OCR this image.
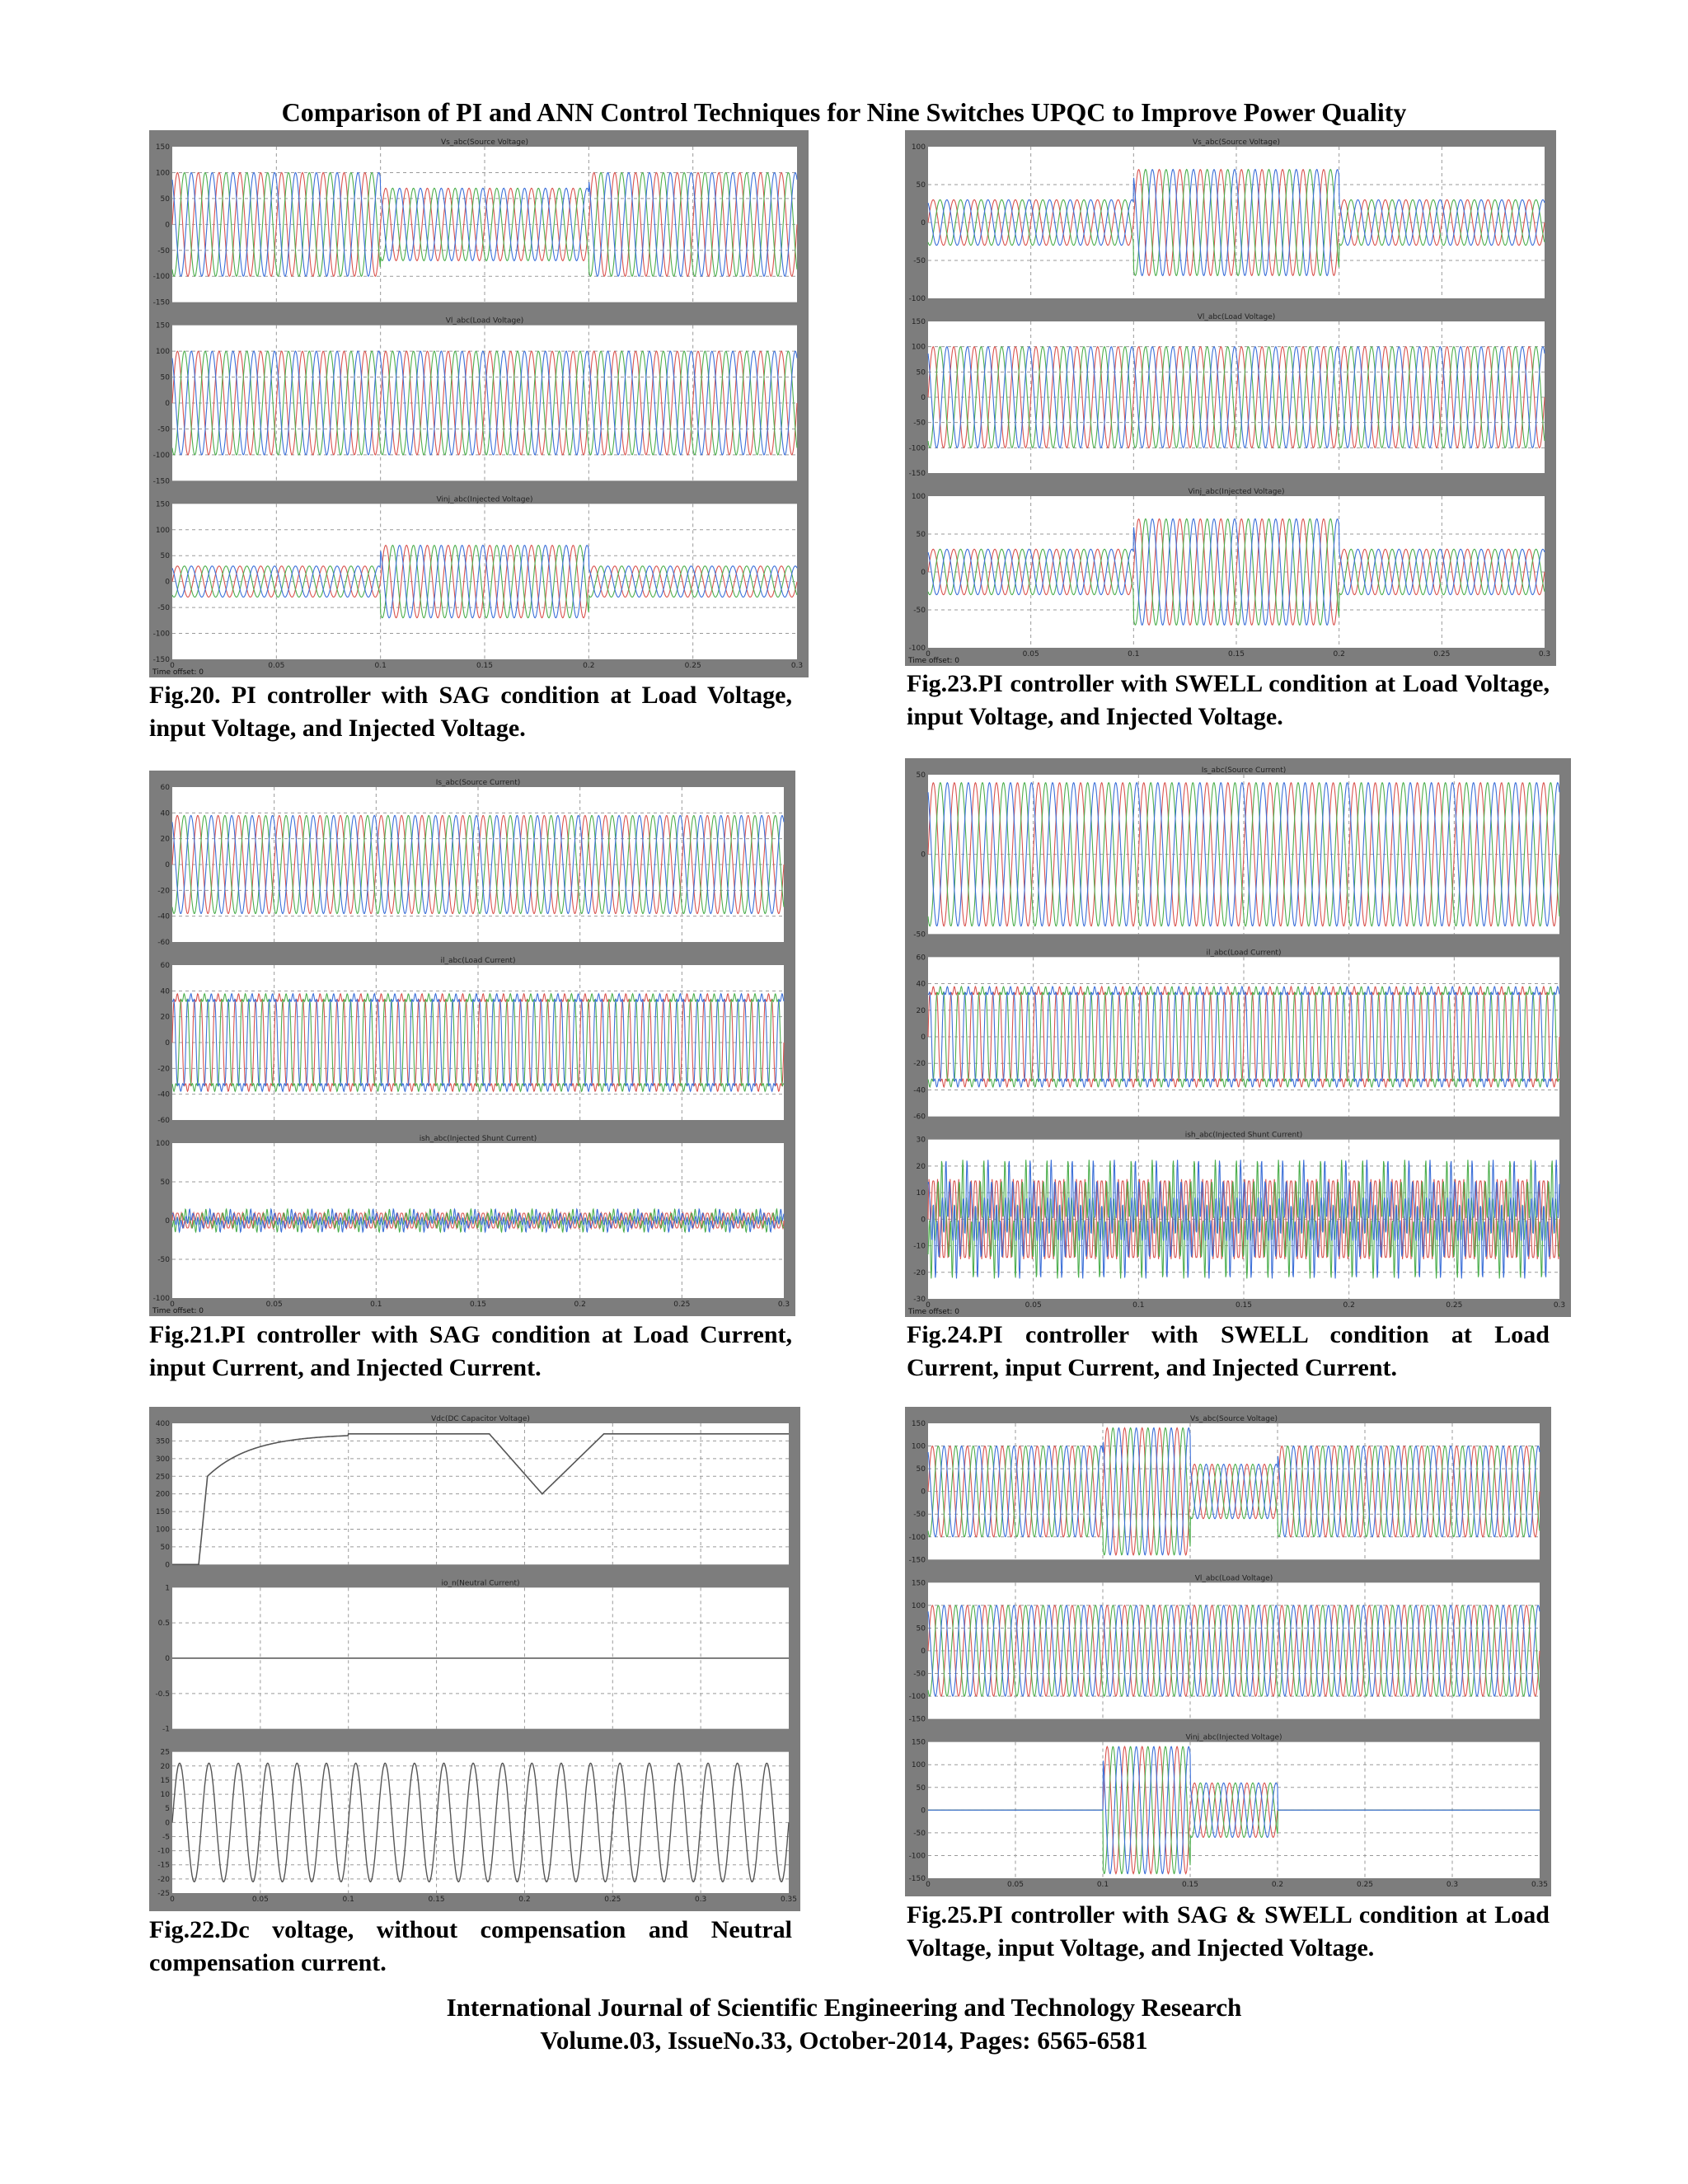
Comparison of PI and ANN Control Techniques for Nine Switches UPQC to Improve Power Quality
Vs_abc(Source Voltage)
150
100
50
0
-50
-100
-150
Vl_abc(Load Voltage)
150
100
50
0
-50
-100
-150
Vinj_abc(Injected Voltage)
150
100
50
0
-50
-100
-150
0	0.05	0.1	0.15	0.2	0.25	0.3
Time offset: 0
Fig.20. PI controller with SAG condition at Load Voltage, input Voltage, and Injected Voltage.
Is_abc(Source Current)
60
40
20
0
-20
-40
-60
il_abc(Load Current)
60
40
20
0
-20
-40
-60
ish_abc(Injected Shunt Current)
100
50
0
-50
-100
0	0.05	0.1	0.15	0.2	0.25	0.3
Time offset: 0
Fig.21.PI controller with SAG condition at Load Current, input Current, and Injected Current.
Vdc(DC Capacitor Voltage)
400
350
300
250
200
150
100
50
0
io_n(Neutral Current)
1
0.5
0
-0.5
-1
25
20
15
10
5
0
-5
-10
-15
-20
-25
0	0.05	0.1	0.15	0.2	0.25	0.3	0.35
Fig.22.Dc voltage, without compensation and Neutral compensation current.
Vs_abc(Source Voltage)
100
50
0
-50
-100
Vl_abc(Load Voltage)
150
100
50
0
-50
-100
-150
Vinj_abc(Injected Voltage)
100
50
0
-50
-100
0	0.05	0.1	0.15	0.2	0.25	0.3
Time offset: 0
Fig.23.PI controller with SWELL condition at Load Voltage, input Voltage, and Injected Voltage.
Is_abc(Source Current)
50
0
-50
il_abc(Load Current)
60
40
20
0
-20
-40
-60
ish_abc(Injected Shunt Current)
30
20
10
0
-10
-20
-30
0	0.05	0.1	0.15	0.2	0.25	0.3
Time offset: 0
Fig.24.PI controller with SWELL condition at Load Current, input Current, and Injected Current.
Vs_abc(Source Voltage)
150
100
50
0
-50
-100
-150
Vl_abc(Load Voltage)
150
100
50
0
-50
-100
-150
Vinj_abc(Injected Voltage)
150
100
50
0
-50
-100
-150
0	0.05	0.1	0.15	0.2	0.25	0.3	0.35
Fig.25.PI controller with SAG & SWELL condition at Load Voltage, input Voltage, and Injected Voltage.
International Journal of Scientific Engineering and Technology Research
Volume.03, IssueNo.33, October-2014, Pages: 6565-6581
